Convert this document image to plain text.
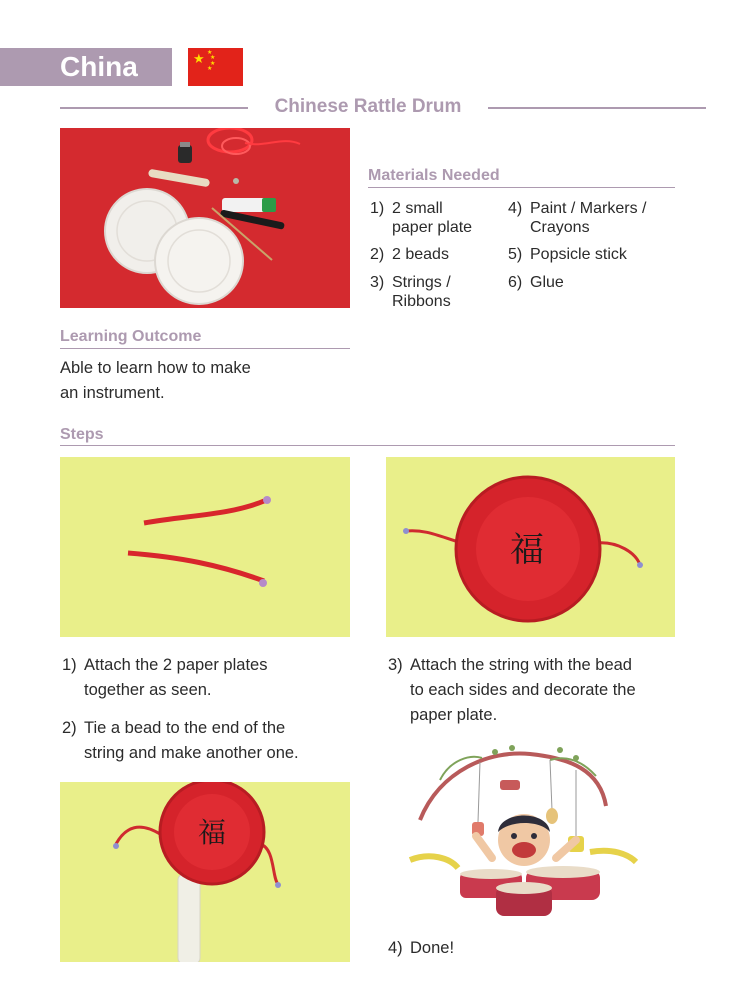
China	★ ★
★
★
★
Chinese Rattle Drum
Materials Needed
1) 2 small
paper plate
2) 2 beads
3) Strings /
Ribbons
4) Paint / Markers /
Crayons
5) Popsicle stick
6) Glue
Learning Outcome
Able to learn how to make
an instrument.
Steps
福
1) Attach the 2 paper plates
together as seen.
2) Tie a bead to the end of the
string and make another one.
3) Attach the string with the bead
to each sides and decorate the
paper plate.
福
4) Done!
